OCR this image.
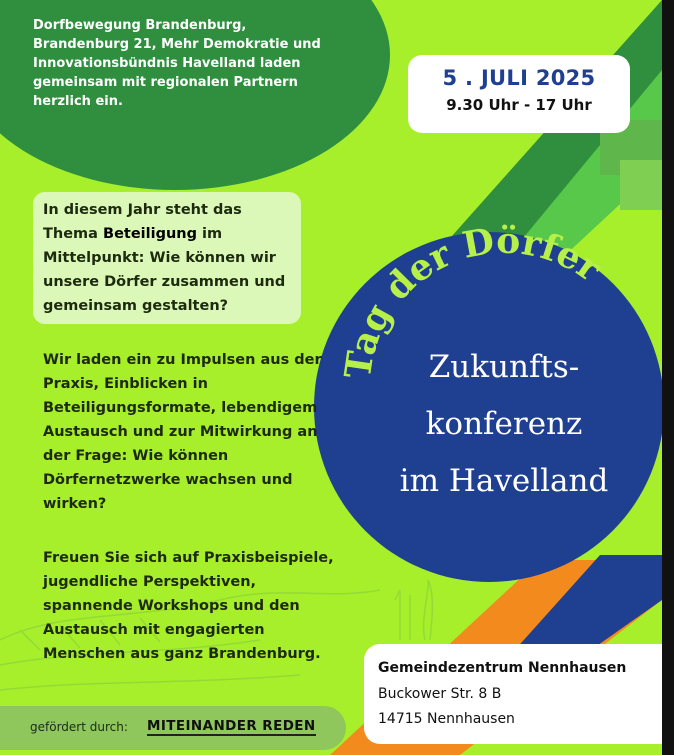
Tag der Dörfer
Dorfbewegung Brandenburg, Brandenburg 21, Mehr Demokratie und Innovationsbündnis Havelland laden gemeinsam mit regionalen Partnern herzlich ein.
5 . JULI 2025
9.30 Uhr - 17 Uhr
In diesem Jahr steht das Thema Beteiligung im Mittelpunkt: Wie können wir unsere Dörfer zusammen und gemeinsam gestalten?
Wir laden ein zu Impulsen aus der Praxis, Einblicken in Beteiligungsformate, lebendigem Austausch und zur Mitwirkung an der Frage: Wie können Dörfernetzwerke wachsen und wirken?
Freuen Sie sich auf Praxisbeispiele, jugendliche Perspektiven, spannende Workshops und den Austausch mit engagierten Menschen aus ganz Brandenburg.
Zukunfts-
konferenz
im Havelland
Gemeindezentrum Nennhausen
Buckower Str. 8 B
14715 Nennhausen
gefördert durch: MITEINANDER REDEN
